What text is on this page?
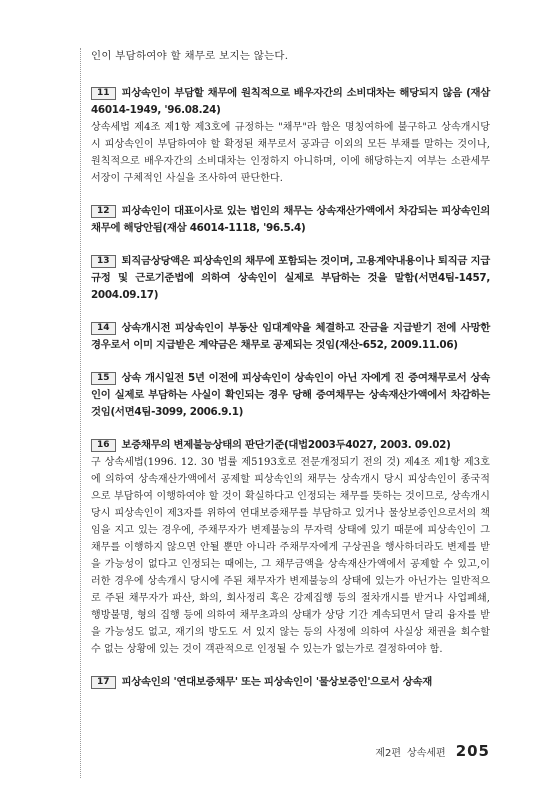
인이 부담하여야 할 채무로 보지는 않는다.

11 피상속인이 부담할 채무에 원칙적으로 배우자간의 소비대차는 해당되지 않음 (재삼 46014-1949, '96.08.24)

상속세법 제4조 제1항 제3호에 규정하는 "채무"라 함은 명칭여하에 불구하고 상속개시당시 피상속인이 부담하여야 할 확정된 채무로서 공과금 이외의 모든 부채를 말하는 것이나, 원칙적으로 배우자간의 소비대차는 인정하지 아니하며, 이에 해당하는지 여부는 소관세무서장이 구체적인 사실을 조사하여 판단한다.

12 피상속인이 대표이사로 있는 법인의 채무는 상속재산가액에서 차감되는 피상속인의 채무에 해당안됨(재삼 46014-1118, '96.5.4)

13 퇴직금상당액은 피상속인의 채무에 포함되는 것이며, 고용계약내용이나 퇴직금 지급규정 및 근로기준법에 의하여 상속인이 실제로 부담하는 것을 말함(서면4팀-1457, 2004.09.17)

14 상속개시전 피상속인이 부동산 임대계약을 체결하고 잔금을 지급받기 전에 사망한 경우로서 이미 지급받은 계약금은 채무로 공제되는 것임(재산-652, 2009.11.06)

15 상속 개시일전 5년 이전에 피상속인이 상속인이 아닌 자에게 진 증여채무로서 상속인이 실제로 부담하는 사실이 확인되는 경우 당해 증여채무는 상속재산가액에서 차감하는 것임(서면4팀-3099, 2006.9.1)

16 보증채무의 변제불능상태의 판단기준(대법2003두4027, 2003. 09.02)

구 상속세법(1996. 12. 30 법률 제5193호로 전문개정되기 전의 것) 제4조 제1항 제3호에 의하여 상속재산가액에서 공제할 피상속인의 채무는 상속개시 당시 피상속인이 종국적으로 부담하여 이행하여야 할 것이 확실하다고 인정되는 채무를 뜻하는 것이므로, 상속개시 당시 피상속인이 제3자를 위하여 연대보증채무를 부담하고 있거나 물상보증인으로서의 책임을 지고 있는 경우에, 주채무자가 변제불능의 무자력 상태에 있기 때문에 피상속인이 그 채무를 이행하지 않으면 안될 뿐만 아니라 주채무자에게 구상권을 행사하더라도 변제를 받을 가능성이 없다고 인정되는 때에는, 그 채무금액을 상속재산가액에서 공제할 수 있고,이러한 경우에 상속개시 당시에 주된 채무자가 변제불능의 상태에 있는가 아닌가는 일반적으로 주된 채무자가 파산, 화의, 회사정리 혹은 강제집행 등의 절차개시를 받거나 사업폐쇄, 행방불명, 형의 집행 등에 의하여 채무초과의 상태가 상당 기간 계속되면서 달리 융자를 받을 가능성도 없고, 재기의 방도도 서 있지 않는 등의 사정에 의하여 사실상 채권을 회수할 수 없는 상황에 있는 것이 객관적으로 인정될 수 있는가 없는가로 결정하여야 함.

17 피상속인의 '연대보증채무' 또는 피상속인이 '물상보증인'으로서 상속재

제2편 상속세편 205
